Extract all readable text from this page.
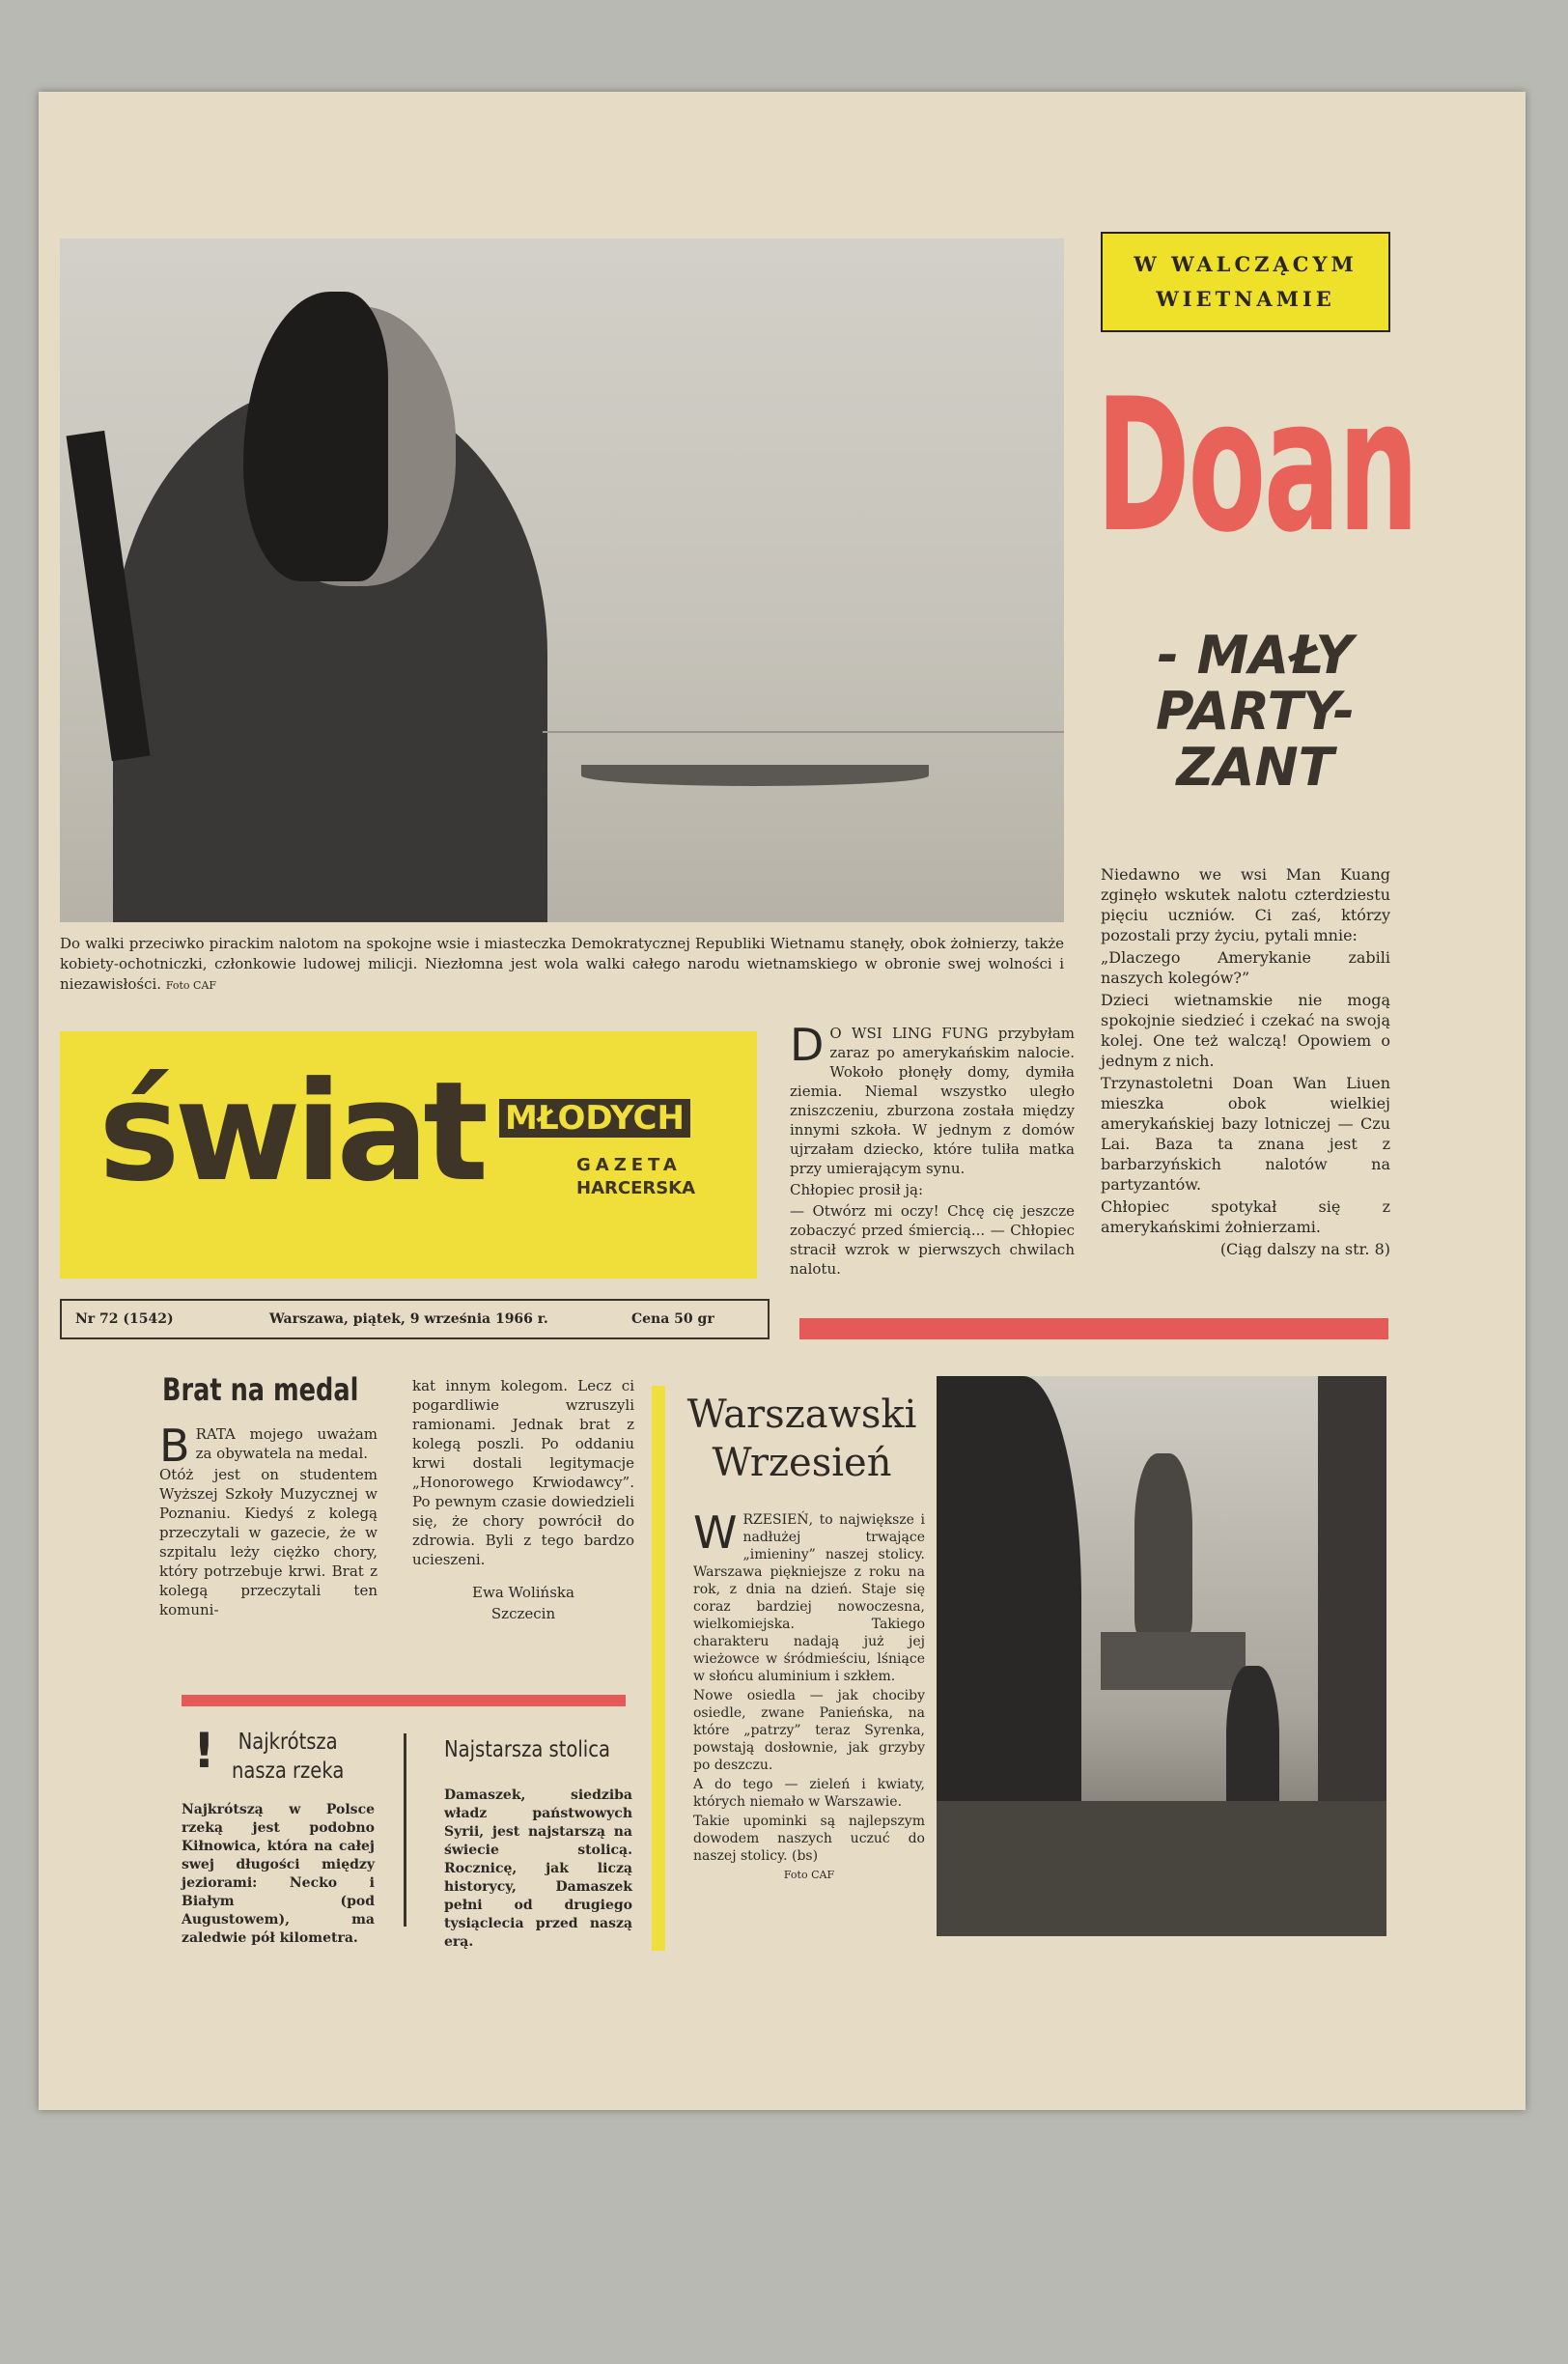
Do walki przeciwko pirackim nalotom na spokojne wsie i miasteczka Demokratycznej Republiki Wietnamu stanęły, obok żołnierzy, także kobiety-ochotniczki, członkowie ludowej milicji. Niezłomna jest wola walki całego narodu wietnamskiego w obronie swej wolności i niezawisłości. Foto CAF

W WALCZĄCYM
WIETNAMIE
Doan
- MAŁY
PARTY-
ZANT

Niedawno we wsi Man Kuang zginęło wskutek nalotu czterdziestu pięciu uczniów. Ci zaś, którzy pozostali przy życiu, pytali mnie:

„Dlaczego Amerykanie zabili naszych kolegów?”

Dzieci wietnamskie nie mogą spokojnie siedzieć i czekać na swoją kolej. One też walczą! Opowiem o jednym z nich.

Trzynastoletni Doan Wan Liuen mieszka obok wielkiej amerykańskiej bazy lotniczej — Czu Lai. Baza ta znana jest z barbarzyńskich nalotów na partyzantów.

Chłopiec spotykał się z amerykańskimi żołnierzami.

(Ciąg dalszy na str. 8)

D O WSI LING FUNG przybyłam zaraz po amerykańskim nalocie. Wokoło płonęły domy, dymiła ziemia. Niemal wszystko uległo zniszczeniu, zburzona została między innymi szkoła. W jednym z domów ujrzałam dziecko, które tuliła matka przy umierającym synu.

Chłopiec prosił ją:

— Otwórz mi oczy! Chcę cię jeszcze zobaczyć przed śmiercią... — Chłopiec stracił wzrok w pierwszych chwilach nalotu.

świat MŁODYCH
GAZETA
HARCERSKA
Nr 72 (1542)	Warszawa, piątek, 9 września 1966 r.	Cena 50 gr
Brat na medal

BRATA mojego uważam za obywatela na medal.

Otóż jest on studentem Wyższej Szkoły Muzycznej w Poznaniu. Kiedyś z kolegą przeczytali w gazecie, że w szpitalu leży ciężko chory, który potrzebuje krwi. Brat z kolegą przeczytali ten komuni-

kat innym kolegom. Lecz ci pogardliwie wzruszyli ramionami. Jednak brat z kolegą poszli. Po oddaniu krwi dostali legitymacje „Honorowego Krwiodawcy”. Po pewnym czasie dowiedzieli się, że chory powrócił do zdrowia. Byli z tego bardzo ucieszeni.

Ewa Wolińska

Szczecin

! Najkrótsza
nasza rzeka

Najkrótszą w Polsce rzeką jest podobno Kiłnowica, która na całej swej długości między jeziorami: Necko i Białym (pod Augustowem), ma zaledwie pół kilometra.

Najstarsza stolica

Damaszek, siedziba władz państwowych Syrii, jest najstarszą na świecie stolicą. Rocznicę, jak liczą historycy, Damaszek pełni od drugiego tysiąclecia przed naszą erą.

Warszawski
Wrzesień

WRZESIEŃ, to największe i nadłużej trwające „imieniny” naszej stolicy. Warszawa piękniejsze z roku na rok, z dnia na dzień. Staje się coraz bardziej nowoczesna, wielkomiejska. Takiego charakteru nadają już jej wieżowce w śródmieściu, lśniące w słońcu aluminium i szkłem.

Nowe osiedla — jak chociby osiedle, zwane Panieńska, na które „patrzy” teraz Syrenka, powstają dosłownie, jak grzyby po deszczu.

A do tego — zieleń i kwiaty, których niemało w Warszawie.

Takie upominki są najlepszym dowodem naszych uczuć do naszej stolicy. (bs)

Foto CAF
